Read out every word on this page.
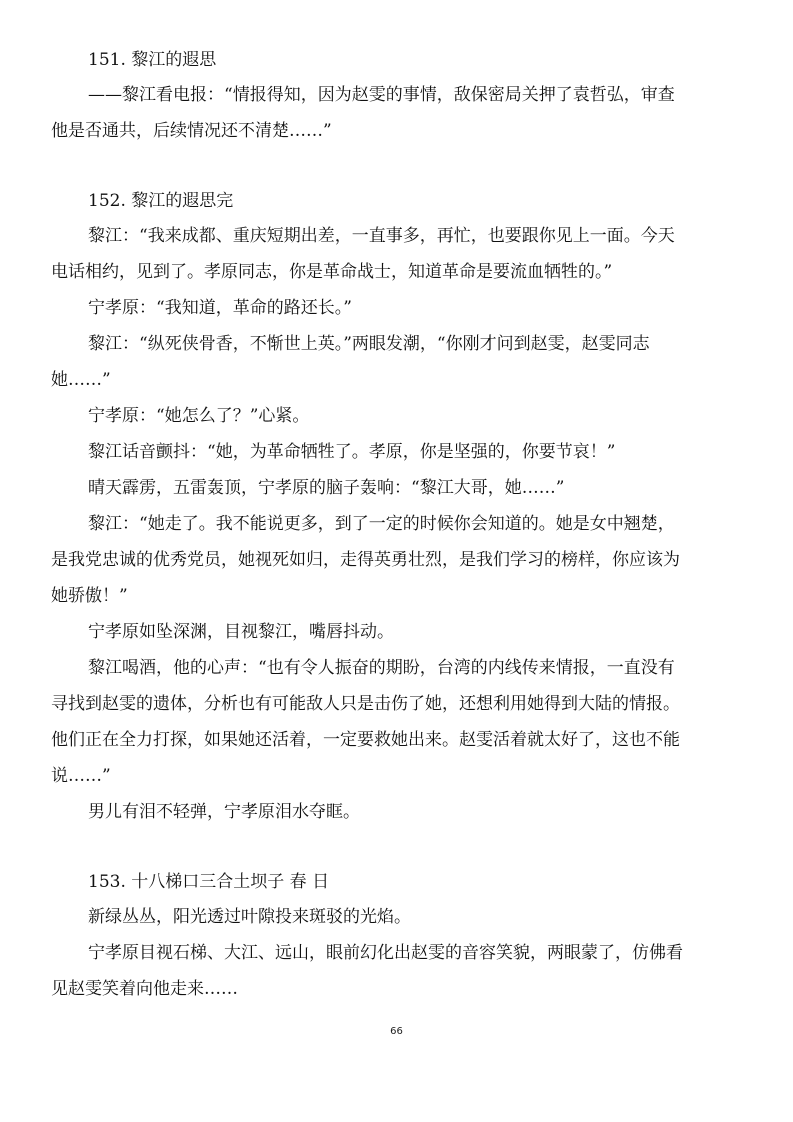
151. 黎江的遐思

——黎江看电报：“情报得知，因为赵雯的事情，敌保密局关押了袁哲弘，审查

他是否通共，后续情况还不清楚……”

152. 黎江的遐思完

黎江：“我来成都、重庆短期出差，一直事多，再忙，也要跟你见上一面。今天

电话相约，见到了。孝原同志，你是革命战士，知道革命是要流血牺牲的。”

宁孝原：“我知道，革命的路还长。”

黎江：“纵死侠骨香，不惭世上英。”两眼发潮，“你刚才问到赵雯，赵雯同志

她……”

宁孝原：“她怎么了？”心紧。

黎江话音颤抖：“她，为革命牺牲了。孝原，你是坚强的，你要节哀！”

晴天霹雳，五雷轰顶，宁孝原的脑子轰响：“黎江大哥，她……”

黎江：“她走了。我不能说更多，到了一定的时候你会知道的。她是女中翘楚，

是我党忠诚的优秀党员，她视死如归，走得英勇壮烈，是我们学习的榜样，你应该为

她骄傲！”

宁孝原如坠深渊，目视黎江，嘴唇抖动。

黎江喝酒，他的心声：“也有令人振奋的期盼，台湾的内线传来情报，一直没有

寻找到赵雯的遗体，分析也有可能敌人只是击伤了她，还想利用她得到大陆的情报。

他们正在全力打探，如果她还活着，一定要救她出来。赵雯活着就太好了，这也不能

说……”

男儿有泪不轻弹，宁孝原泪水夺眶。

153. 十八梯口三合土坝子 春 日

新绿丛丛，阳光透过叶隙投来斑驳的光焰。

宁孝原目视石梯、大江、远山，眼前幻化出赵雯的音容笑貌，两眼蒙了，仿佛看

见赵雯笑着向他走来……

66
